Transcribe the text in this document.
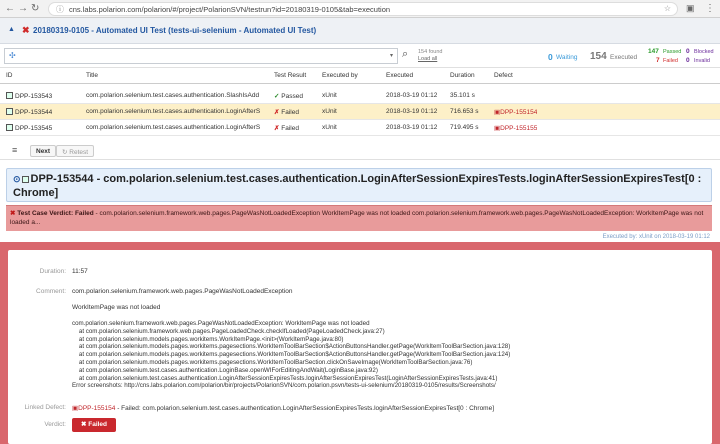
← → ↻ ⓘ cns.labs.polarion.com/polarion/#/project/PolarionSVN/testrun?id=20180319-0105&tab=execution	☆ ▣ ⋮
▲ ✖ 20180319-0105 - Automated UI Test (tests-ui-selenium - Automated UI Test)
✣	▾ ⌕ 154 found
Load all	0 Waiting 154 Executed
147 Passed 0 Blocked
7 Failed 0 Invalid
ID	Title	Test Result Executed by	Executed	Duration	Defect
DPP-153543	com.polarion.selenium.test.cases.authentication.SlashIsAdd	✓ Passed	xUnit	2018-03-19 01:12 35.101 s
DPP-153544	com.polarion.selenium.test.cases.authentication.LoginAfterS	✗ Failed	xUnit	2018-03-19 01:12 716.653 s ▣DPP-155154
DPP-153545	com.polarion.selenium.test.cases.authentication.LoginAfterS	✗ Failed	xUnit	2018-03-19 01:12 719.495 s ▣DPP-155155
≡	Next	↻ Retest
⊙ DPP-153544 - com.polarion.selenium.test.cases.authentication.LoginAfterSessionExpiresTests.loginAfterSessionExpiresTest[0 : Chrome]
✖ Test Case Verdict: Failed - com.polarion.selenium.framework.web.pages.PageWasNotLoadedException WorkItemPage was not loaded com.polarion.selenium.framework.web.pages.PageWasNotLoadedException: WorkItemPage was not loaded a...
Executed by: xUnit on 2018-03-19 01:12
Duration: 11:57
Comment: com.polarion.selenium.framework.web.pages.PageWasNotLoadedException
WorkItemPage was not loaded
com.polarion.selenium.framework.web.pages.PageWasNotLoadedException: WorkItemPage was not loaded
at com.polarion.selenium.framework.web.pages.PageLoadedCheck.checkIfLoaded(PageLoadedCheck.java:27)
at com.polarion.selenium.models.pages.workitems.WorkItemPage.<init>(WorkItemPage.java:80)
at com.polarion.selenium.models.pages.workitems.pagesections.WorkItemToolBarSection$ActionButtonsHandler.getPage(WorkItemToolBarSection.java:128)
at com.polarion.selenium.models.pages.workitems.pagesections.WorkItemToolBarSection$ActionButtonsHandler.getPage(WorkItemToolBarSection.java:124)
at com.polarion.selenium.models.pages.workitems.pagesections.WorkItemToolBarSection.clickOnSaveImage(WorkItemToolBarSection.java:76)
at com.polarion.selenium.test.cases.authentication.LoginBase.openWIForEditingAndWait(LoginBase.java:92)
at com.polarion.selenium.test.cases.authentication.LoginAfterSessionExpiresTests.loginAfterSessionExpiresTest(LoginAfterSessionExpiresTests.java:41)
Error screenshots: http://cns.labs.polarion.com/polarion/bir/projects/PolarionSVN/com.polarion.psvn/tests-ui-selenium/20180319-0105/results/Screenshots/
Linked Defect: ▣DPP-155154 - Failed: com.polarion.selenium.test.cases.authentication.LoginAfterSessionExpiresTests.loginAfterSessionExpiresTest[0 : Chrome]
Verdict:	✖ Failed
